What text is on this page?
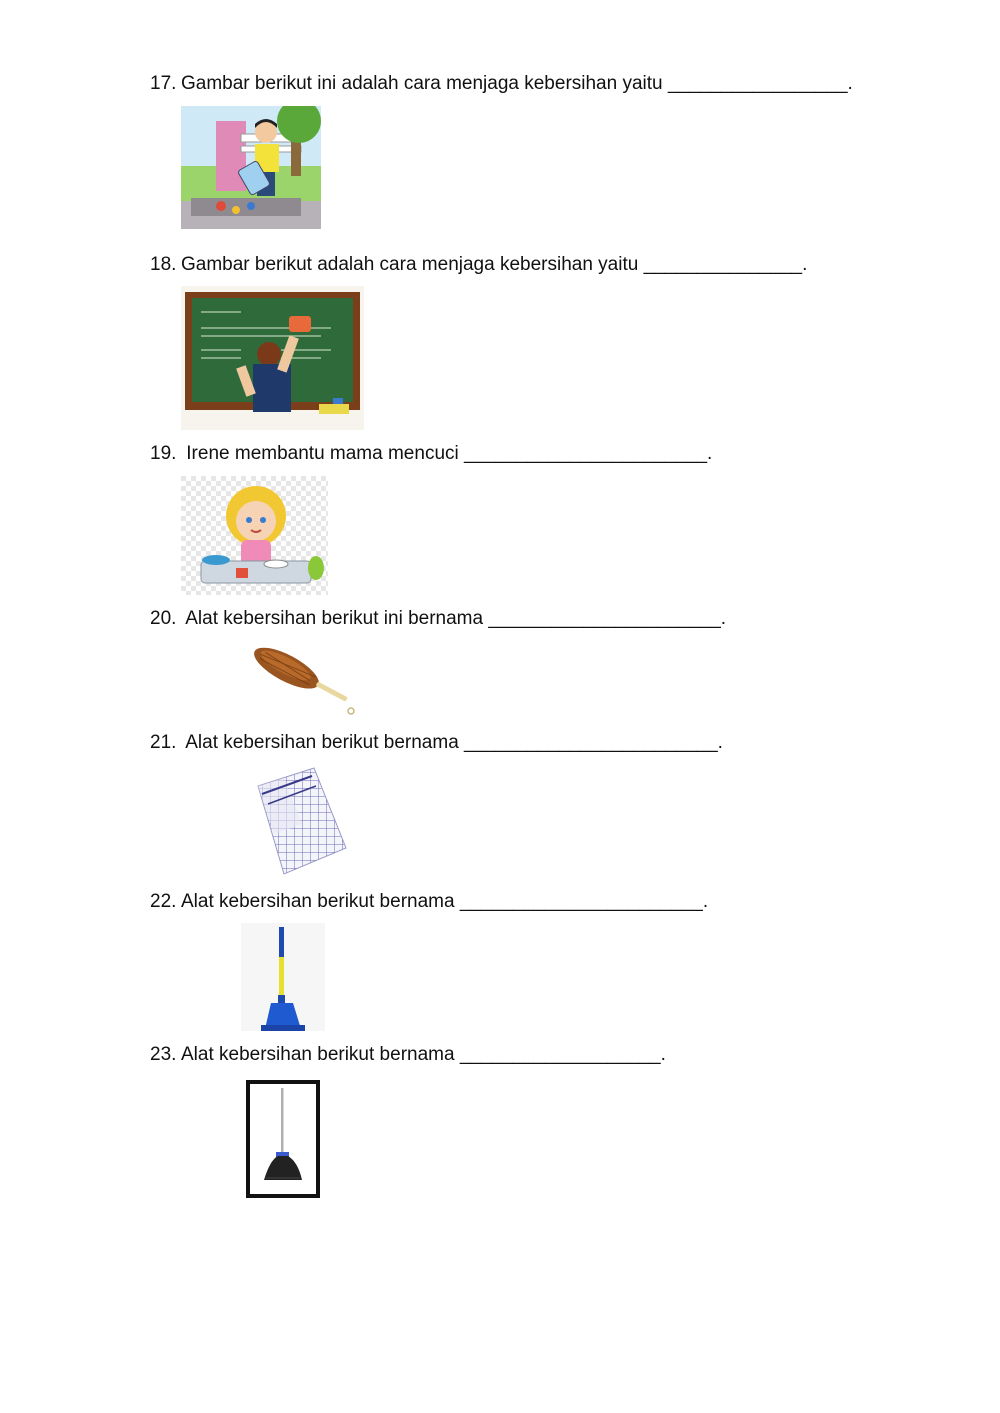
17. Gambar berikut ini adalah cara menjaga kebersihan yaitu _________________.
18. Gambar berikut adalah cara menjaga kebersihan yaitu _______________.
19. Irene membantu mama mencuci _______________________.
20. Alat kebersihan berikut ini bernama ______________________.
21. Alat kebersihan berikut bernama ________________________.
22. Alat kebersihan berikut bernama _______________________.
23. Alat kebersihan berikut bernama ___________________.
